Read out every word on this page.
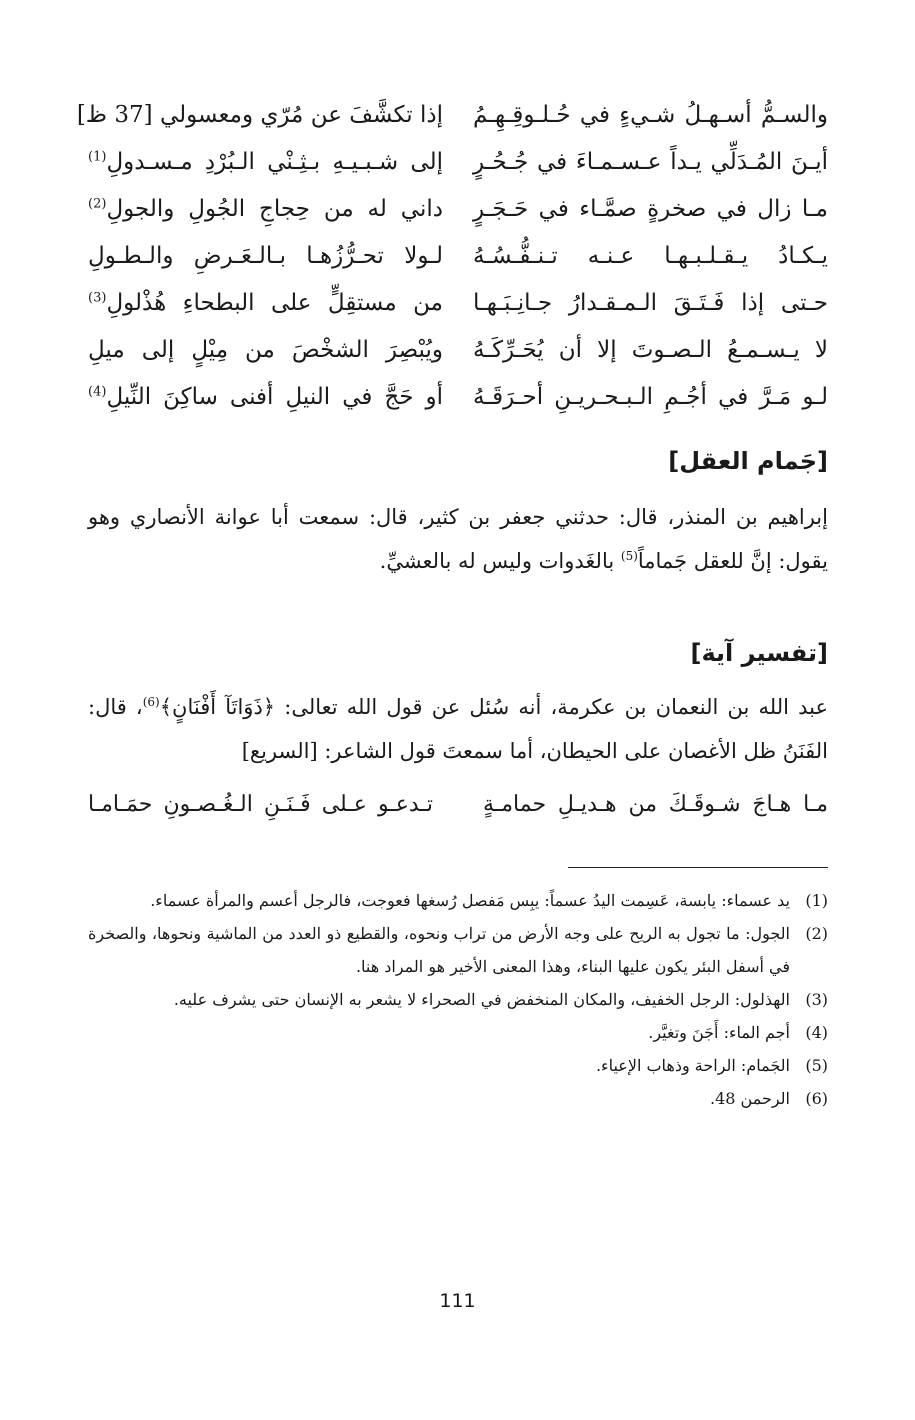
والسـمُّ أسـهـلُ شـيءٍ في حُـلـوقِـهِـمُ
إذا تكشَّفَ عن مُرّي ومعسولي [37 ظ]
أيـنَ المُـدَلِّي يـداً عـسـمـاءَ في جُـحُـرٍ
إلى شـبـيـهِ بـثِـنْي الـبُرْدِ مـسـدولِ$^{(1)}$
مـا زال في صخرةٍ صمَّـاء في حَـجَـرٍ
داني له من حِجاجِ الجُولِ والجولِ$^{(2)}$
يـكـادُ يـقـلـبـهـا عـنـه تـنـفُّـسُـهُ
لـولا تحـرُّزُهـا بـالـعَـرضِ والـطـولِ
حـتى إذا فَـتَـقَ الـمـقـدارُ جـانِـبَـهـا
من مستقِلٍّ على البطحاءِ هُذْلولِ$^{(3)}$
لا يـسـمـعُ الـصـوتَ إلا أن يُحَـرِّكَـهُ
ويُبْصِرَ الشخْصَ من مِيْلٍ إلى ميلِ
لـو مَـرَّ في أجُـمِ الـبـحـريـنِ أحـرَقَـهُ
أو حَجَّ في النيلِ أفنى ساكِنَ النِّيلِ$^{(4)}$
[جَمام العقل]

إبراهيم بن المنذر، قال: حدثني جعفر بن كثير، قال: سمعت أبا عوانة الأنصاري وهو يقول: إنَّ للعقل جَماماً$^{(5)}$ بالغَدوات وليس له بالعشيِّ.

[تفسير آية]

عبد الله بن النعمان بن عكرمة، أنه سُئل عن قول الله تعالى: ﴿ذَوَاتَآ أَفْنَانٍ﴾$^{(6)}$، قال: الفَنَنُ ظل الأغصان على الحيطان، أما سمعتَ قول الشاعر: [السريع]

مـا هـاجَ شـوقَـكَ من هـديـلِ حمامـةٍ
تـدعـو عـلى فَـنَـنِ الـغُـصـونِ حمَـامـا
(1)
يد عسماء: يابسة، عَسِمت اليدُ عسماً: يبِس مَفصل رُسغها فعوجت، فالرجل أعسم والمرأة عسماء.
(2)
الجول: ما تجول به الريح على وجه الأرض من تراب ونحوه، والقطيع ذو العدد من الماشية ونحوها، والصخرة في أسفل البئر يكون عليها البناء، وهذا المعنى الأخير هو المراد هنا.
(3)
الهذلول: الرجل الخفيف، والمكان المنخفض في الصحراء لا يشعر به الإنسان حتى يشرف عليه.
(4)
أجم الماء: أَجَنَ وتغيَّر.
(5)
الجَمام: الراحة وذهاب الإعياء.
(6)
الرحمن 48.
111
